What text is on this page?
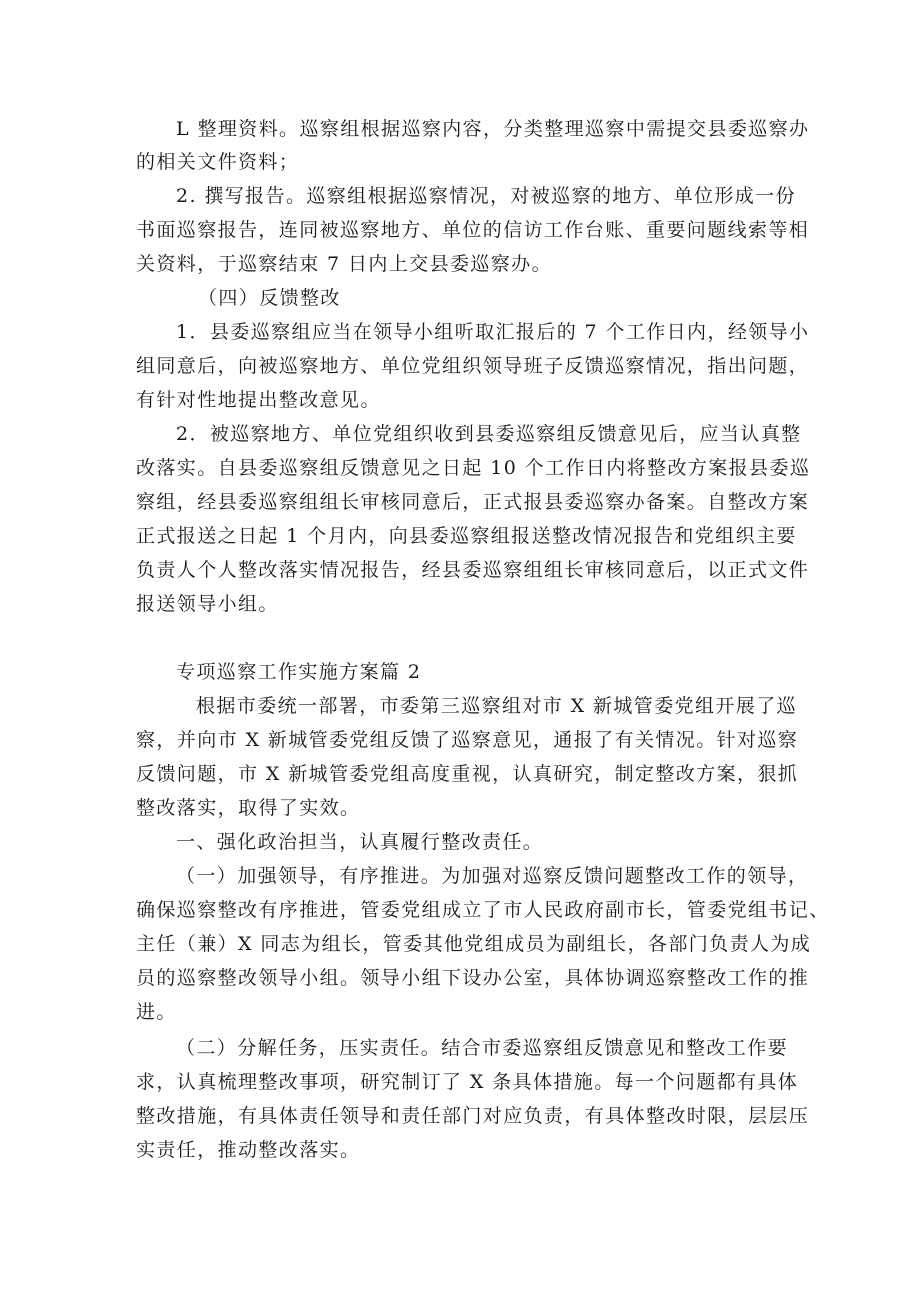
L 整理资料。巡察组根据巡察内容，分类整理巡察中需提交县委巡察办
的相关文件资料；
2. 撰写报告。巡察组根据巡察情况，对被巡察的地方、单位形成一份
书面巡察报告，连同被巡察地方、单位的信访工作台账、重要问题线索等相
关资料，于巡察结束 7 日内上交县委巡察办。
（四）反馈整改
1．县委巡察组应当在领导小组听取汇报后的 7 个工作日内，经领导小
组同意后，向被巡察地方、单位党组织领导班子反馈巡察情况，指出问题，
有针对性地提出整改意见。
2．被巡察地方、单位党组织收到县委巡察组反馈意见后，应当认真整
改落实。自县委巡察组反馈意见之日起 10 个工作日内将整改方案报县委巡
察组，经县委巡察组组长审核同意后，正式报县委巡察办备案。自整改方案
正式报送之日起 1 个月内，向县委巡察组报送整改情况报告和党组织主要
负责人个人整改落实情况报告，经县委巡察组组长审核同意后，以正式文件
报送领导小组。
专项巡察工作实施方案篇 2
根据市委统一部署，市委第三巡察组对市 X 新城管委党组开展了巡
察，并向市 X 新城管委党组反馈了巡察意见，通报了有关情况。针对巡察
反馈问题，市 X 新城管委党组高度重视，认真研究，制定整改方案，狠抓
整改落实，取得了实效。
一、强化政治担当，认真履行整改责任。
（一）加强领导，有序推进。为加强对巡察反馈问题整改工作的领导，
确保巡察整改有序推进，管委党组成立了市人民政府副市长，管委党组书记、
主任（兼）X 同志为组长，管委其他党组成员为副组长，各部门负责人为成
员的巡察整改领导小组。领导小组下设办公室，具体协调巡察整改工作的推
进。
（二）分解任务，压实责任。结合市委巡察组反馈意见和整改工作要
求，认真梳理整改事项，研究制订了 X 条具体措施。每一个问题都有具体
整改措施，有具体责任领导和责任部门对应负责，有具体整改时限，层层压
实责任，推动整改落实。
